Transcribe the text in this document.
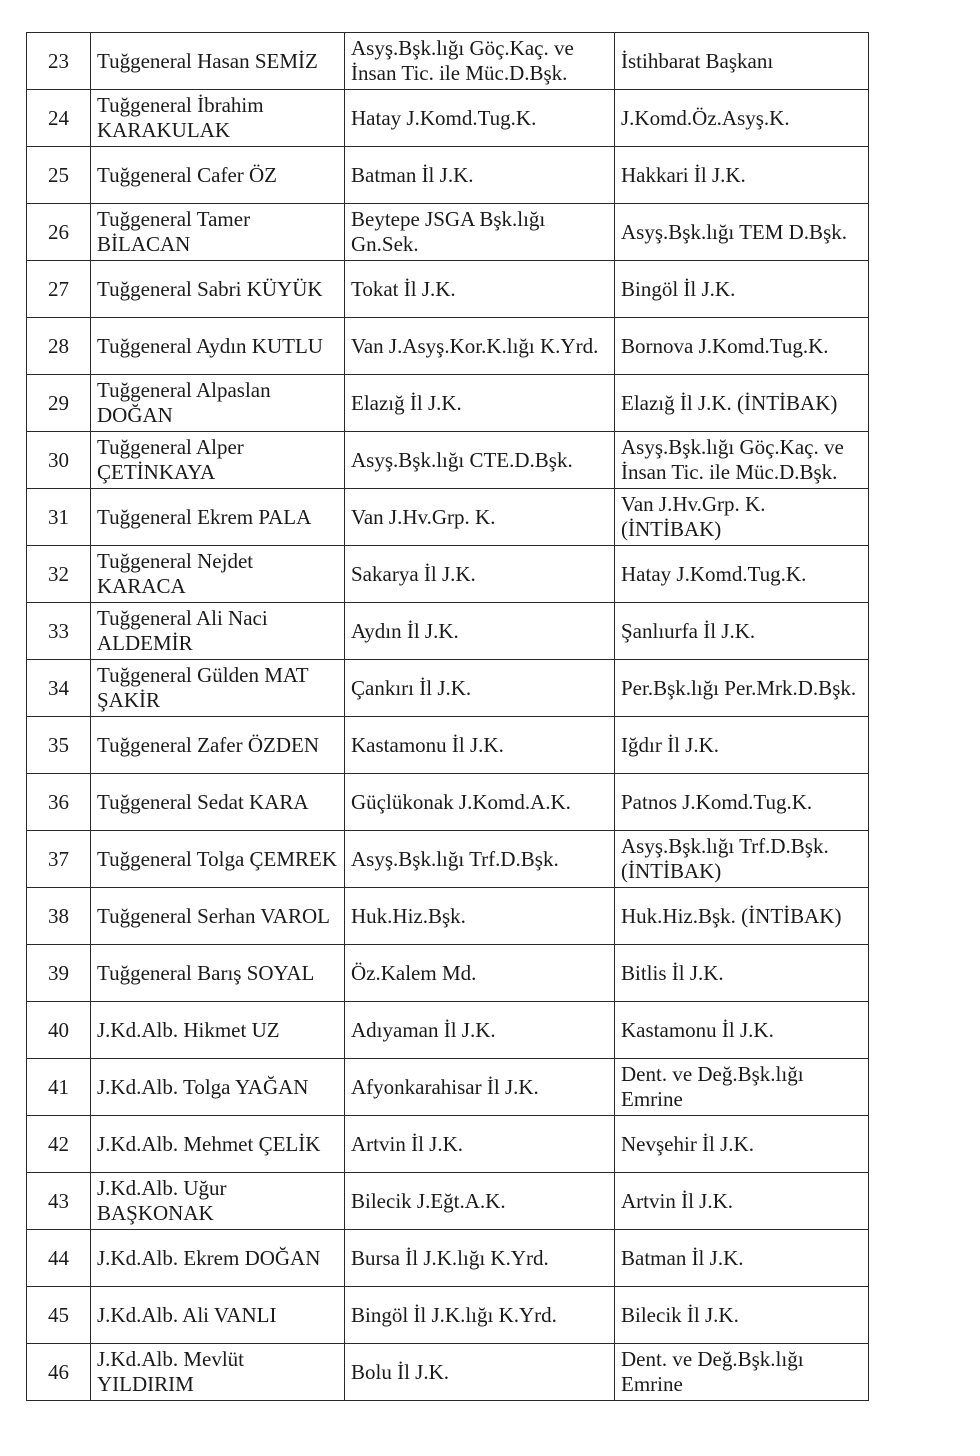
23	Tuğgeneral Hasan SEMİZ	Asyş.Bşk.lığı Göç.Kaç. ve İnsan Tic. ile Müc.D.Bşk.	İstihbarat Başkanı
24	Tuğgeneral İbrahim KARAKULAK	Hatay J.Komd.Tug.K.	J.Komd.Öz.Asyş.K.
25	Tuğgeneral Cafer ÖZ	Batman İl J.K.	Hakkari İl J.K.
26	Tuğgeneral Tamer BİLACAN	Beytepe JSGA Bşk.lığı Gn.Sek.	Asyş.Bşk.lığı TEM D.Bşk.
27	Tuğgeneral Sabri KÜYÜK	Tokat İl J.K.	Bingöl İl J.K.
28	Tuğgeneral Aydın KUTLU	Van J.Asyş.Kor.K.lığı K.Yrd.	Bornova J.Komd.Tug.K.
29	Tuğgeneral Alpaslan DOĞAN	Elazığ İl J.K.	Elazığ İl J.K. (İNTİBAK)
30	Tuğgeneral Alper ÇETİNKAYA	Asyş.Bşk.lığı CTE.D.Bşk.	Asyş.Bşk.lığı Göç.Kaç. ve İnsan Tic. ile Müc.D.Bşk.
31	Tuğgeneral Ekrem PALA	Van J.Hv.Grp. K.	Van J.Hv.Grp. K. (İNTİBAK)
32	Tuğgeneral Nejdet KARACA	Sakarya İl J.K.	Hatay J.Komd.Tug.K.
33	Tuğgeneral Ali Naci ALDEMİR	Aydın İl J.K.	Şanlıurfa İl J.K.
34	Tuğgeneral Gülden MAT ŞAKİR	Çankırı İl J.K.	Per.Bşk.lığı Per.Mrk.D.Bşk.
35	Tuğgeneral Zafer ÖZDEN	Kastamonu İl J.K.	Iğdır İl J.K.
36	Tuğgeneral Sedat KARA	Güçlükonak J.Komd.A.K.	Patnos J.Komd.Tug.K.
37	Tuğgeneral Tolga ÇEMREK	Asyş.Bşk.lığı Trf.D.Bşk.	Asyş.Bşk.lığı Trf.D.Bşk. (İNTİBAK)
38	Tuğgeneral Serhan VAROL	Huk.Hiz.Bşk.	Huk.Hiz.Bşk. (İNTİBAK)
39	Tuğgeneral Barış SOYAL	Öz.Kalem Md.	Bitlis İl J.K.
40	J.Kd.Alb. Hikmet UZ	Adıyaman İl J.K.	Kastamonu İl J.K.
41	J.Kd.Alb. Tolga YAĞAN	Afyonkarahisar İl J.K.	Dent. ve Değ.Bşk.lığı Emrine
42	J.Kd.Alb. Mehmet ÇELİK	Artvin İl J.K.	Nevşehir İl J.K.
43	J.Kd.Alb. Uğur BAŞKONAK	Bilecik J.Eğt.A.K.	Artvin İl J.K.
44	J.Kd.Alb. Ekrem DOĞAN	Bursa İl J.K.lığı K.Yrd.	Batman İl J.K.
45	J.Kd.Alb. Ali VANLI	Bingöl İl J.K.lığı K.Yrd.	Bilecik İl J.K.
46	J.Kd.Alb. Mevlüt YILDIRIM	Bolu İl J.K.	Dent. ve Değ.Bşk.lığı Emrine
